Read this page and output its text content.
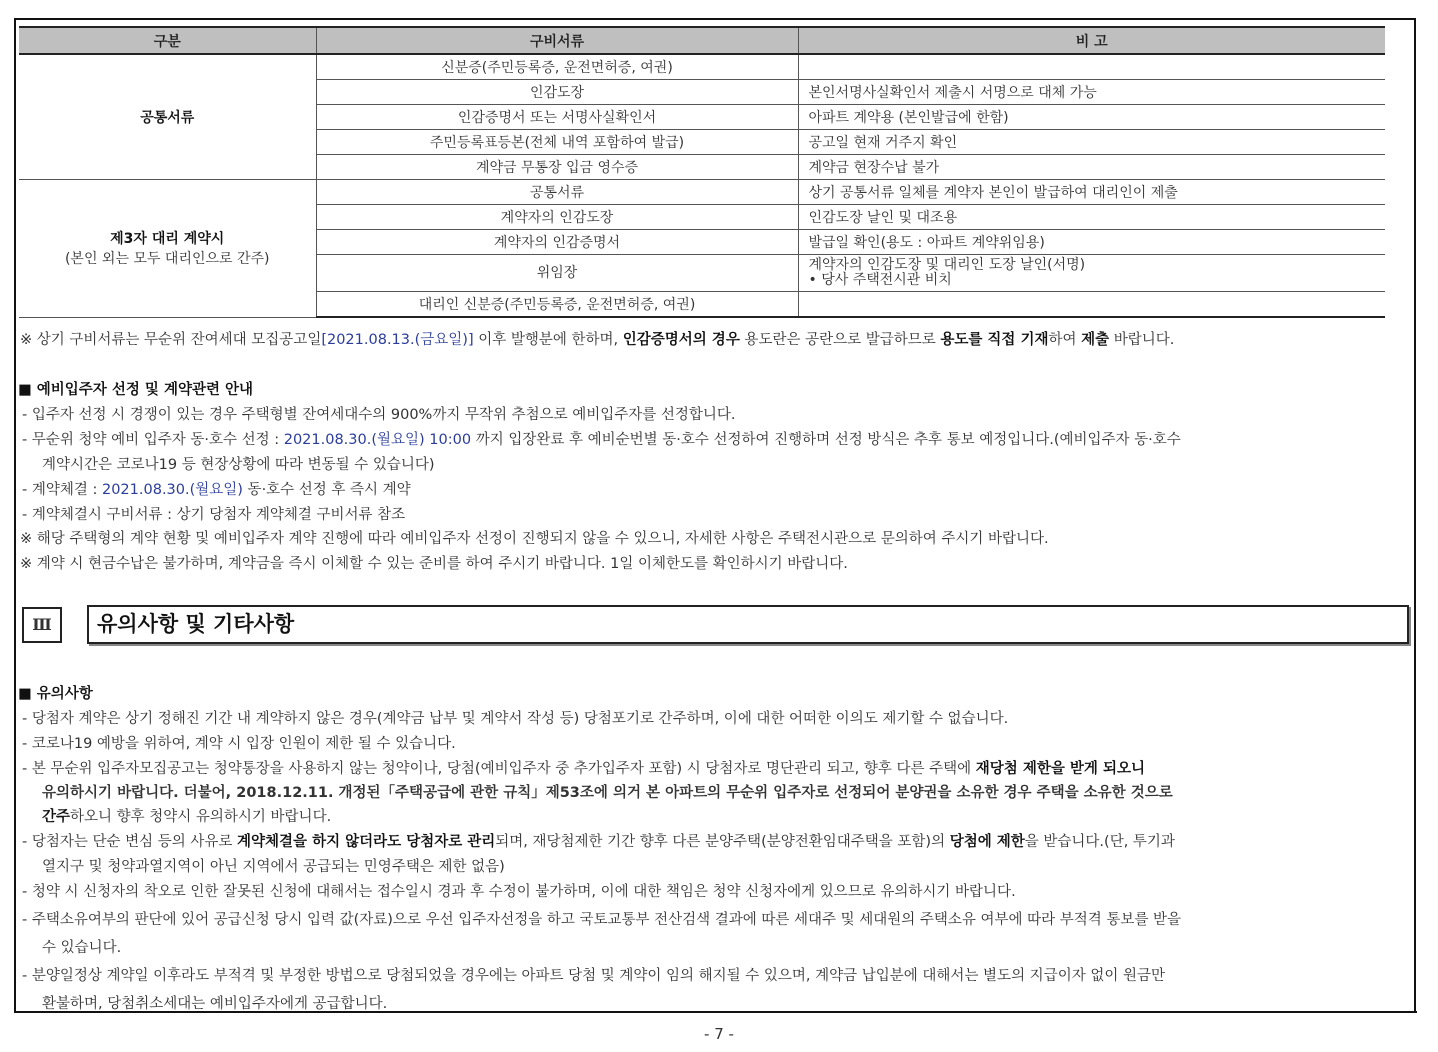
구분	구비서류	비 고
공통서류	신분증(주민등록증, 운전면허증, 여권)	
	인감도장	본인서명사실확인서 제출시 서명으로 대체 가능
	인감증명서 또는 서명사실확인서	아파트 계약용 (본인발급에 한함)
	주민등록표등본(전체 내역 포함하여 발급)	공고일 현재 거주지 확인
	계약금 무통장 입금 영수증	계약금 현장수납 불가
제3자 대리 계약시
(본인 외는 모두 대리인으로 간주)	공통서류	상기 공통서류 일체를 계약자 본인이 발급하여 대리인이 제출
	계약자의 인감도장	인감도장 날인 및 대조용
	계약자의 인감증명서	발급일 확인(용도 : 아파트 계약위임용)
	위임장	계약자의 인감도장 및 대리인 도장 날인(서명)
• 당사 주택전시관 비치

	대리인 신분증(주민등록증, 운전면허증, 여권)	
※ 상기 구비서류는 무순위 잔여세대 모집공고일[2021.08.13.(금요일)] 이후 발행분에 한하며, 인감증명서의 경우 용도란은 공란으로 발급하므로 용도를 직접 기재하여 제출 바랍니다.
■ 예비입주자 선정 및 계약관련 안내
- 입주자 선정 시 경쟁이 있는 경우 주택형별 잔여세대수의 900%까지 무작위 추첨으로 예비입주자를 선정합니다.
- 무순위 청약 예비 입주자 동·호수 선정 : 2021.08.30.(월요일) 10:00 까지 입장완료 후 예비순번별 동·호수 선정하여 진행하며 선정 방식은 추후 통보 예정입니다.(예비입주자 동·호수
계약시간은 코로나19 등 현장상황에 따라 변동될 수 있습니다)
- 계약체결 : 2021.08.30.(월요일) 동·호수 선정 후 즉시 계약
- 계약체결시 구비서류 : 상기 당첨자 계약체결 구비서류 참조
※ 해당 주택형의 계약 현황 및 예비입주자 계약 진행에 따라 예비입주자 선정이 진행되지 않을 수 있으니, 자세한 사항은 주택전시관으로 문의하여 주시기 바랍니다.
※ 계약 시 현금수납은 불가하며, 계약금을 즉시 이체할 수 있는 준비를 하여 주시기 바랍니다. 1일 이체한도를 확인하시기 바랍니다.
Ⅲ	유의사항 및 기타사항
■ 유의사항
- 당첨자 계약은 상기 정해진 기간 내 계약하지 않은 경우(계약금 납부 및 계약서 작성 등) 당첨포기로 간주하며, 이에 대한 어떠한 이의도 제기할 수 없습니다.
- 코로나19 예방을 위하여, 계약 시 입장 인원이 제한 될 수 있습니다.
- 본 무순위 입주자모집공고는 청약통장을 사용하지 않는 청약이나, 당첨(예비입주자 중 추가입주자 포함) 시 당첨자로 명단관리 되고, 향후 다른 주택에 재당첨 제한을 받게 되오니
유의하시기 바랍니다. 더불어, 2018.12.11. 개정된「주택공급에 관한 규칙」제53조에 의거 본 아파트의 무순위 입주자로 선정되어 분양권을 소유한 경우 주택을 소유한 것으로
간주하오니 향후 청약시 유의하시기 바랍니다.
- 당첨자는 단순 변심 등의 사유로 계약체결을 하지 않더라도 당첨자로 관리되며, 재당첨제한 기간 향후 다른 분양주택(분양전환임대주택을 포함)의 당첨에 제한을 받습니다.(단, 투기과
열지구 및 청약과열지역이 아닌 지역에서 공급되는 민영주택은 제한 없음)
- 청약 시 신청자의 착오로 인한 잘못된 신청에 대해서는 접수일시 경과 후 수정이 불가하며, 이에 대한 책임은 청약 신청자에게 있으므로 유의하시기 바랍니다.
- 주택소유여부의 판단에 있어 공급신청 당시 입력 값(자료)으로 우선 입주자선정을 하고 국토교통부 전산검색 결과에 따른 세대주 및 세대원의 주택소유 여부에 따라 부적격 통보를 받을
수 있습니다.
- 분양일정상 계약일 이후라도 부적격 및 부정한 방법으로 당첨되었을 경우에는 아파트 당첨 및 계약이 임의 해지될 수 있으며, 계약금 납입분에 대해서는 별도의 지급이자 없이 원금만
환불하며, 당첨취소세대는 예비입주자에게 공급합니다.
- 7 -
